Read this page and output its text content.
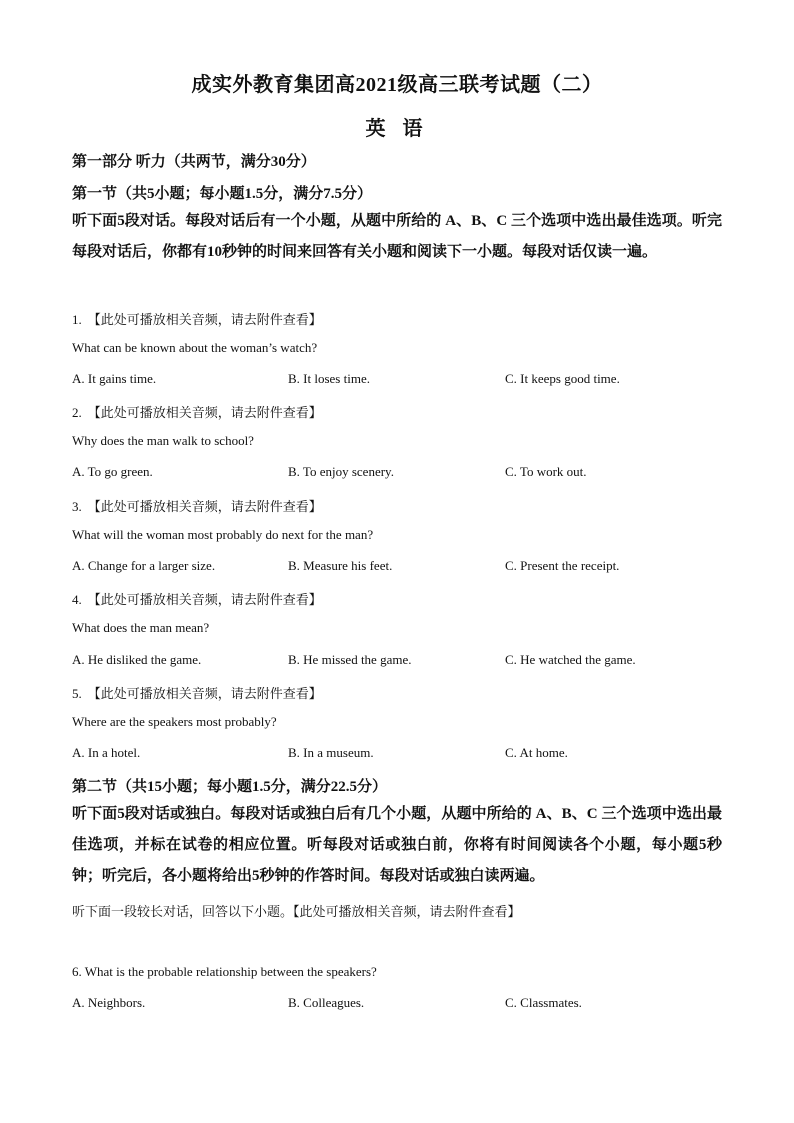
成实外教育集团高2021级高三联考试题（二）
英 语
第一部分 听力（共两节，满分30分）
第一节（共5小题；每小题1.5分，满分7.5分）
听下面5段对话。每段对话后有一个小题，从题中所给的 A、B、C 三个选项中选出最佳选项。听完每段对话后，你都有10秒钟的时间来回答有关小题和阅读下一小题。每段对话仅读一遍。
1. 【此处可播放相关音频，请去附件查看】
What can be known about the woman’s watch?
A. It gains time.	B. It loses time.	C. It keeps good time.
2. 【此处可播放相关音频，请去附件查看】
Why does the man walk to school?
A. To go green.	B. To enjoy scenery.	C. To work out.
3. 【此处可播放相关音频，请去附件查看】
What will the woman most probably do next for the man?
A. Change for a larger size.	B. Measure his feet.	C. Present the receipt.
4. 【此处可播放相关音频，请去附件查看】
What does the man mean?
A. He disliked the game.	B. He missed the game.	C. He watched the game.
5. 【此处可播放相关音频，请去附件查看】
Where are the speakers most probably?
A. In a hotel.	B. In a museum.	C. At home.
第二节（共15小题；每小题1.5分，满分22.5分）
听下面5段对话或独白。每段对话或独白后有几个小题，从题中所给的 A、B、C 三个选项中选出最佳选项，并标在试卷的相应位置。听每段对话或独白前，你将有时间阅读各个小题，每小题5秒钟；听完后，各小题将给出5秒钟的作答时间。每段对话或独白读两遍。
听下面一段较长对话，回答以下小题。【此处可播放相关音频，请去附件查看】
6. What is the probable relationship between the speakers?
A. Neighbors.	B. Colleagues.	C. Classmates.
